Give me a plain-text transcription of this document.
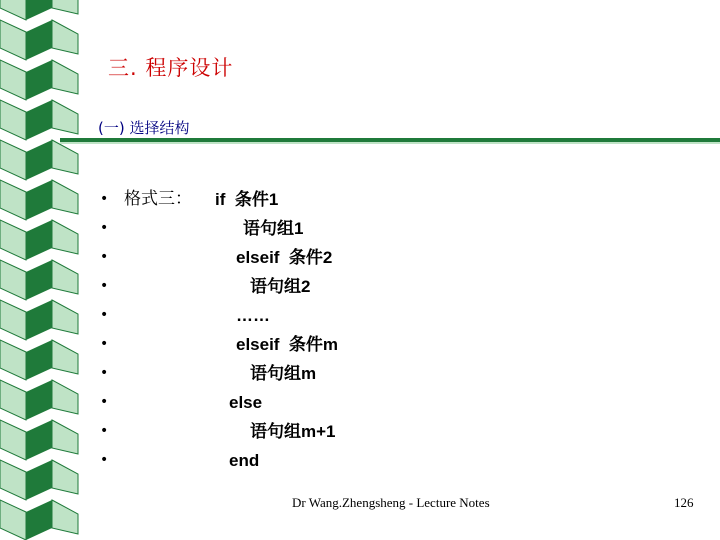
三. 程序设计
(一) 选择结构
• 格式三： if  条件1
•	语句组1
•	elseif  条件2
•	语句组2
•	……
•	elseif  条件m
•	语句组m
•	else
•	语句组m+1
•	end
Dr Wang.Zhengsheng - Lecture Notes	126
